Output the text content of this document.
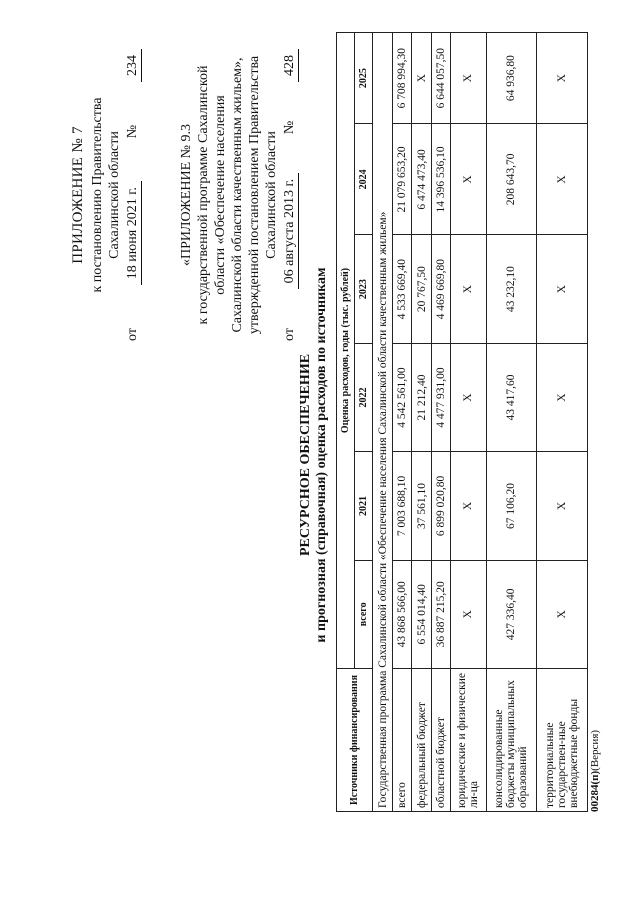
ПРИЛОЖЕНИЕ № 7 к постановлению Правительства Сахалинской области
от
18 июня 2021 г.
№
234
«ПРИЛОЖЕНИЕ № 9.3 к государственной программе Сахалинской области «Обеспечение населения Сахалинской области качественным жильем», утвержденной постановлением Правительства Сахалинской области
от
06 августа 2013 г.
№
428
РЕСУРСНОЕ ОБЕСПЕЧЕНИЕ и прогнозная (справочная) оценка расходов по источникам
Источники финансирования	Оценка расходов, годы (тыс. рублей)					
	всего	2021	2022	2023	2024	2025
Государственная программа Сахалинской области «Обеспечение населения Сахалинской области качественным жильем»						
всего	43 868 566,00	7 003 688,10	4 542 561,00	4 533 669,40	21 079 653,20	6 708 994,30
федеральный бюджет	6 554 014,40	37 561,10	21 212,40	20 767,50	6 474 473,40	Х
областной бюджет	36 887 215,20	6 899 020,80	4 477 931,00	4 469 669,80	14 396 536,10	6 644 057,50
юридические и физические ли-ца	Х	Х	Х	Х	Х	Х
консолидированные бюджеты муниципальных образований	427 336,40	67 106,20	43 417,60	43 232,10	208 643,70	64 936,80
территориальные государствен-ные внебюджетные фонды	Х	Х	Х	Х	Х	Х
00284(п)(Версия)
